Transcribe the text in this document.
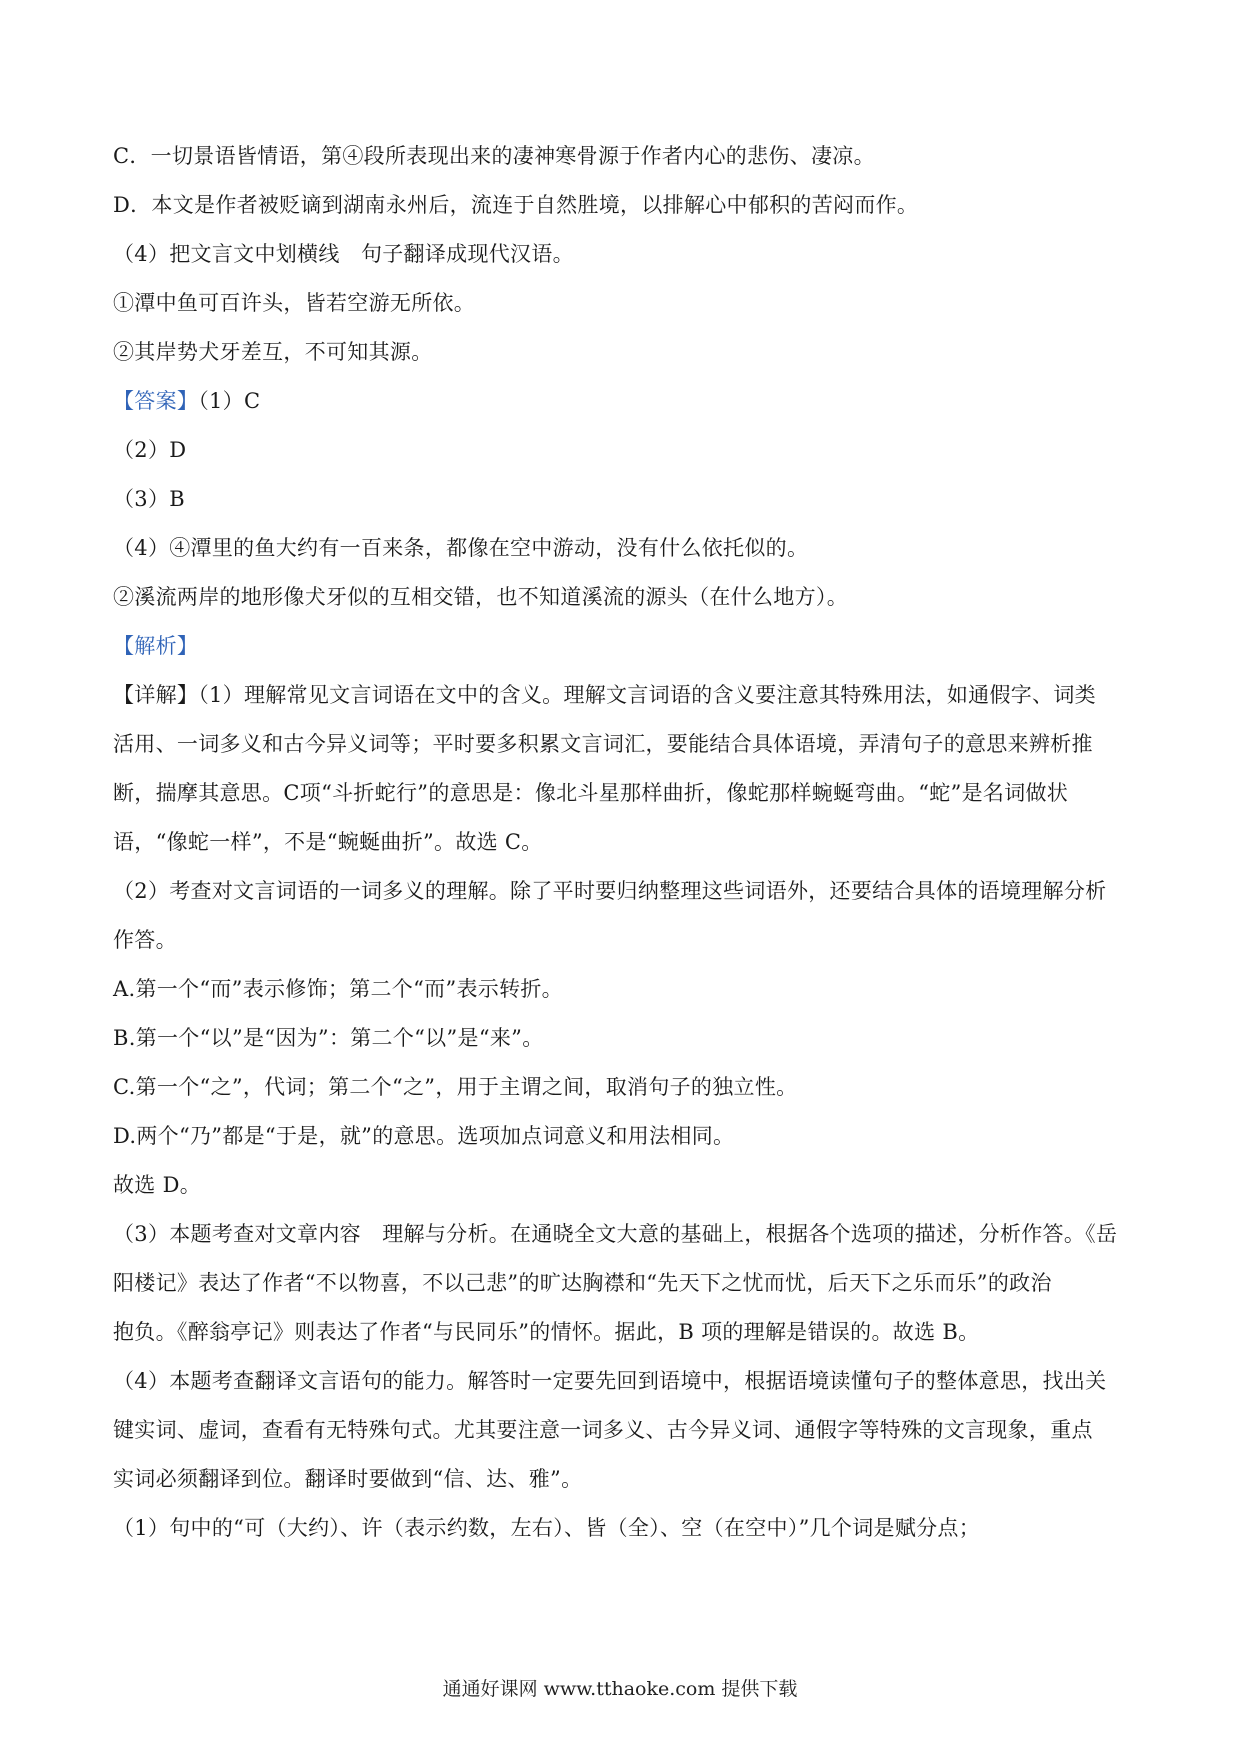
C．一切景语皆情语，第④段所表现出来的凄神寒骨源于作者内心的悲伤、凄凉。

D．本文是作者被贬谪到湖南永州后，流连于自然胜境，以排解心中郁积的苦闷而作。

（4）把文言文中划横线　句子翻译成现代汉语。

①潭中鱼可百许头，皆若空游无所依。

②其岸势犬牙差互，不可知其源。

【答案】（1）C

（2）D

（3）B

（4）④潭里的鱼大约有一百来条，都像在空中游动，没有什么依托似的。

②溪流两岸的地形像犬牙似的互相交错，也不知道溪流的源头（在什么地方）。

【解析】

【详解】（1）理解常见文言词语在文中的含义。理解文言词语的含义要注意其特殊用法，如通假字、词类

活用、一词多义和古今异义词等；平时要多积累文言词汇，要能结合具体语境，弄清句子的意思来辨析推

断，揣摩其意思。C项“斗折蛇行”的意思是：像北斗星那样曲折，像蛇那样蜿蜒弯曲。“蛇”是名词做状

语，“像蛇一样”，不是“蜿蜒曲折”。故选 C。

（2）考查对文言词语的一词多义的理解。除了平时要归纳整理这些词语外，还要结合具体的语境理解分析

作答。

A.第一个“而”表示修饰；第二个“而”表示转折。

B.第一个“以”是“因为”：第二个“以”是“来”。

C.第一个“之”，代词；第二个“之”，用于主谓之间，取消句子的独立性。

D.两个“乃”都是“于是，就”的意思。选项加点词意义和用法相同。

故选 D。

（3）本题考查对文章内容　理解与分析。在通晓全文大意的基础上，根据各个选项的描述，分析作答。《岳

阳楼记》表达了作者“不以物喜，不以己悲”的旷达胸襟和“先天下之忧而忧，后天下之乐而乐”的政治

抱负。《醉翁亭记》则表达了作者“与民同乐”的情怀。据此，B 项的理解是错误的。故选 B。

（4）本题考查翻译文言语句的能力。解答时一定要先回到语境中，根据语境读懂句子的整体意思，找出关

键实词、虚词，查看有无特殊句式。尤其要注意一词多义、古今异义词、通假字等特殊的文言现象，重点

实词必须翻译到位。翻译时要做到“信、达、雅”。

（1）句中的“可（大约）、许（表示约数，左右）、皆（全）、空（在空中）”几个词是赋分点；

通通好课网 www.tthaoke.com 提供下载
